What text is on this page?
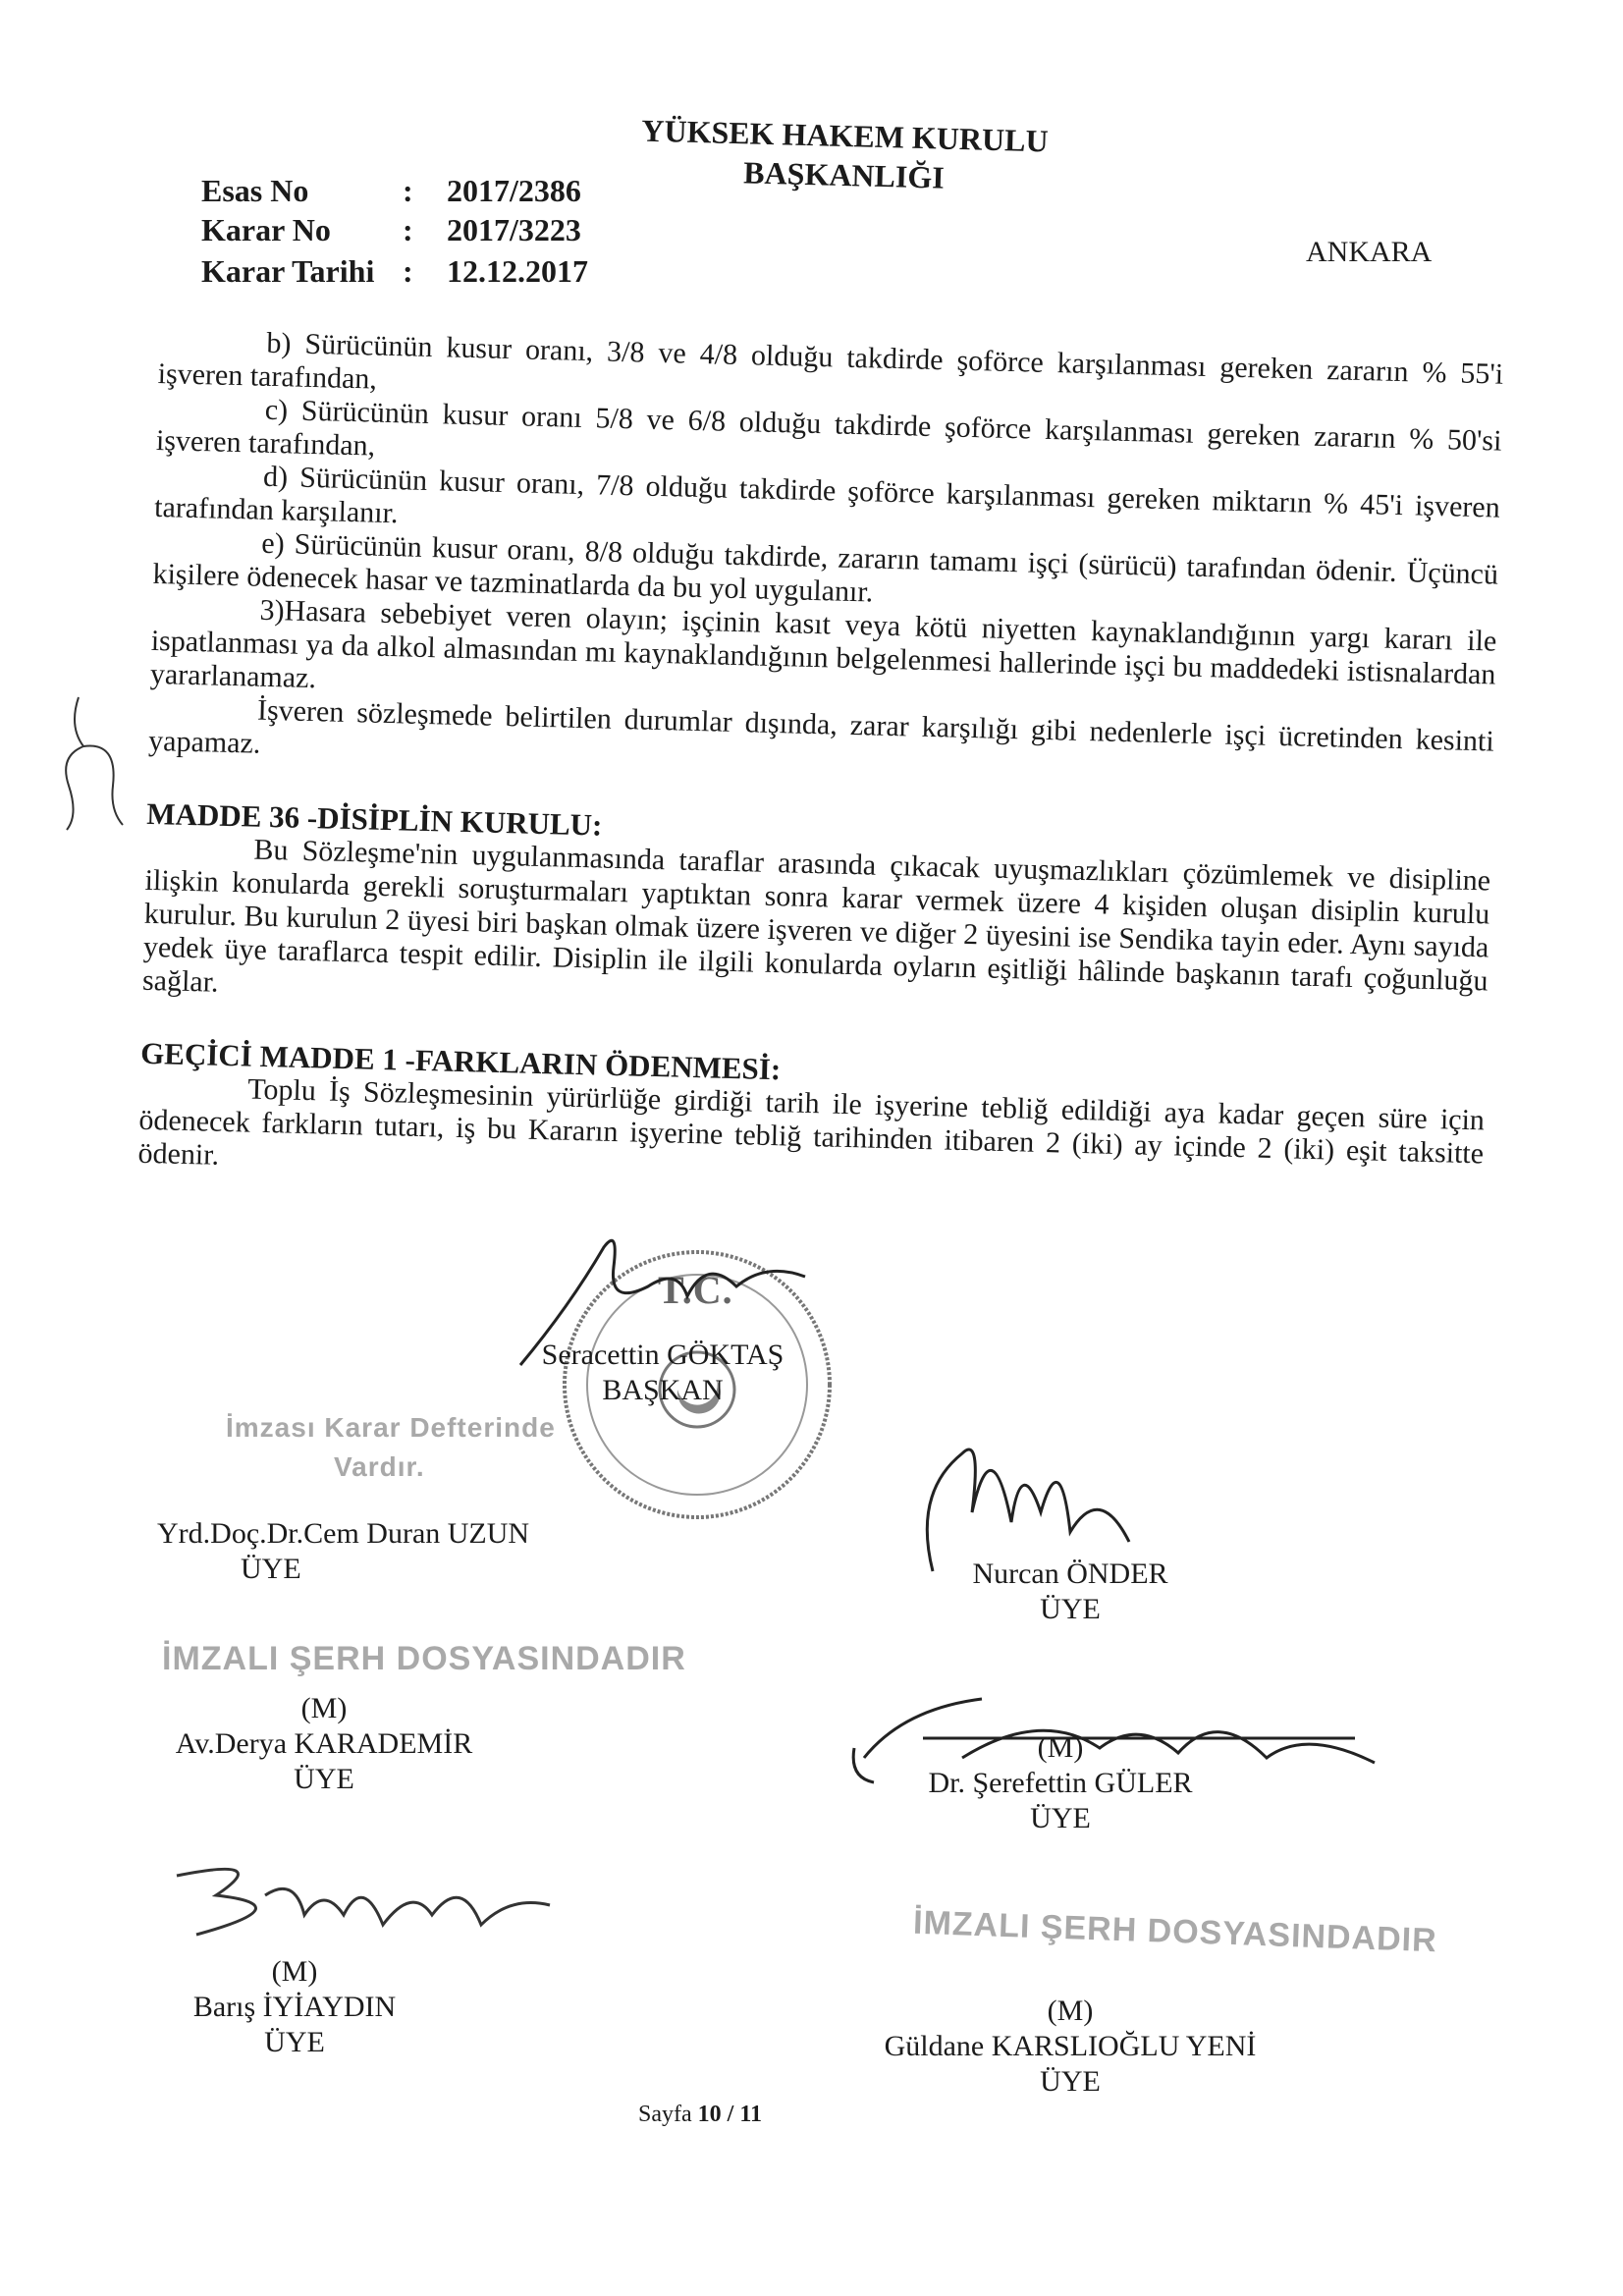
YÜKSEK HAKEM KURULU
BAŞKANLIĞI
Esas No	:	2017/2386
Karar No	:	2017/3223
Karar Tarihi :	12.12.2017
ANKARA

b) Sürücünün kusur oranı, 3/8 ve 4/8 olduğu takdirde şoförce karşılanması gereken zararın % 55'i işveren tarafından,

c) Sürücünün kusur oranı 5/8 ve 6/8 olduğu takdirde şoförce karşılanması gereken zararın % 50'si işveren tarafından,

d) Sürücünün kusur oranı, 7/8 olduğu takdirde şoförce karşılanması gereken miktarın % 45'i işveren tarafından karşılanır.

e) Sürücünün kusur oranı, 8/8 olduğu takdirde, zararın tamamı işçi (sürücü) tarafından ödenir. Üçüncü kişilere ödenecek hasar ve tazminatlarda da bu yol uygulanır.

3)Hasara sebebiyet veren olayın; işçinin kasıt veya kötü niyetten kaynaklandığının yargı kararı ile ispatlanması ya da alkol almasından mı kaynaklandığının belgelenmesi hallerinde işçi bu maddedeki istisnalardan yararlanamaz.

İşveren sözleşmede belirtilen durumlar dışında, zarar karşılığı gibi nedenlerle işçi ücretinden kesinti yapamaz.

MADDE 36 -DİSİPLİN KURULU:

Bu Sözleşme'nin uygulanmasında taraflar arasında çıkacak uyuşmazlıkları çözümlemek ve disipline ilişkin konularda gerekli soruşturmaları yaptıktan sonra karar vermek üzere 4 kişiden oluşan disiplin kurulu kurulur. Bu kurulun 2 üyesi biri başkan olmak üzere işveren ve diğer 2 üyesini ise Sendika tayin eder. Aynı sayıda yedek üye taraflarca tespit edilir. Disiplin ile ilgili konularda oyların eşitliği hâlinde başkanın tarafı çoğunluğu sağlar.

GEÇİCİ MADDE 1 -FARKLARIN ÖDENMESİ:

Toplu İş Sözleşmesinin yürürlüğe girdiği tarih ile işyerine tebliğ edildiği aya kadar geçen süre için ödenecek farkların tutarı, iş bu Kararın işyerine tebliğ tarihinden itibaren 2 (iki) ay içinde 2 (iki) eşit taksitte ödenir.

T.C.
Seracettin GÖKTAŞ
BAŞKAN
İmzası Karar Defterinde
Vardır.
Yrd.Doç.Dr.Cem Duran UZUN
ÜYE	Nurcan ÖNDER
ÜYE
İMZALI ŞERH DOSYASINDADIR
(M)
Av.Derya KARADEMİR
ÜYE
(M)
Dr. Şerefettin GÜLER
ÜYE
(M)
Barış İYİAYDIN
ÜYE
İMZALI ŞERH DOSYASINDADIR
(M)
Güldane KARSLIOĞLU YENİ
ÜYE
Sayfa 10 / 11
